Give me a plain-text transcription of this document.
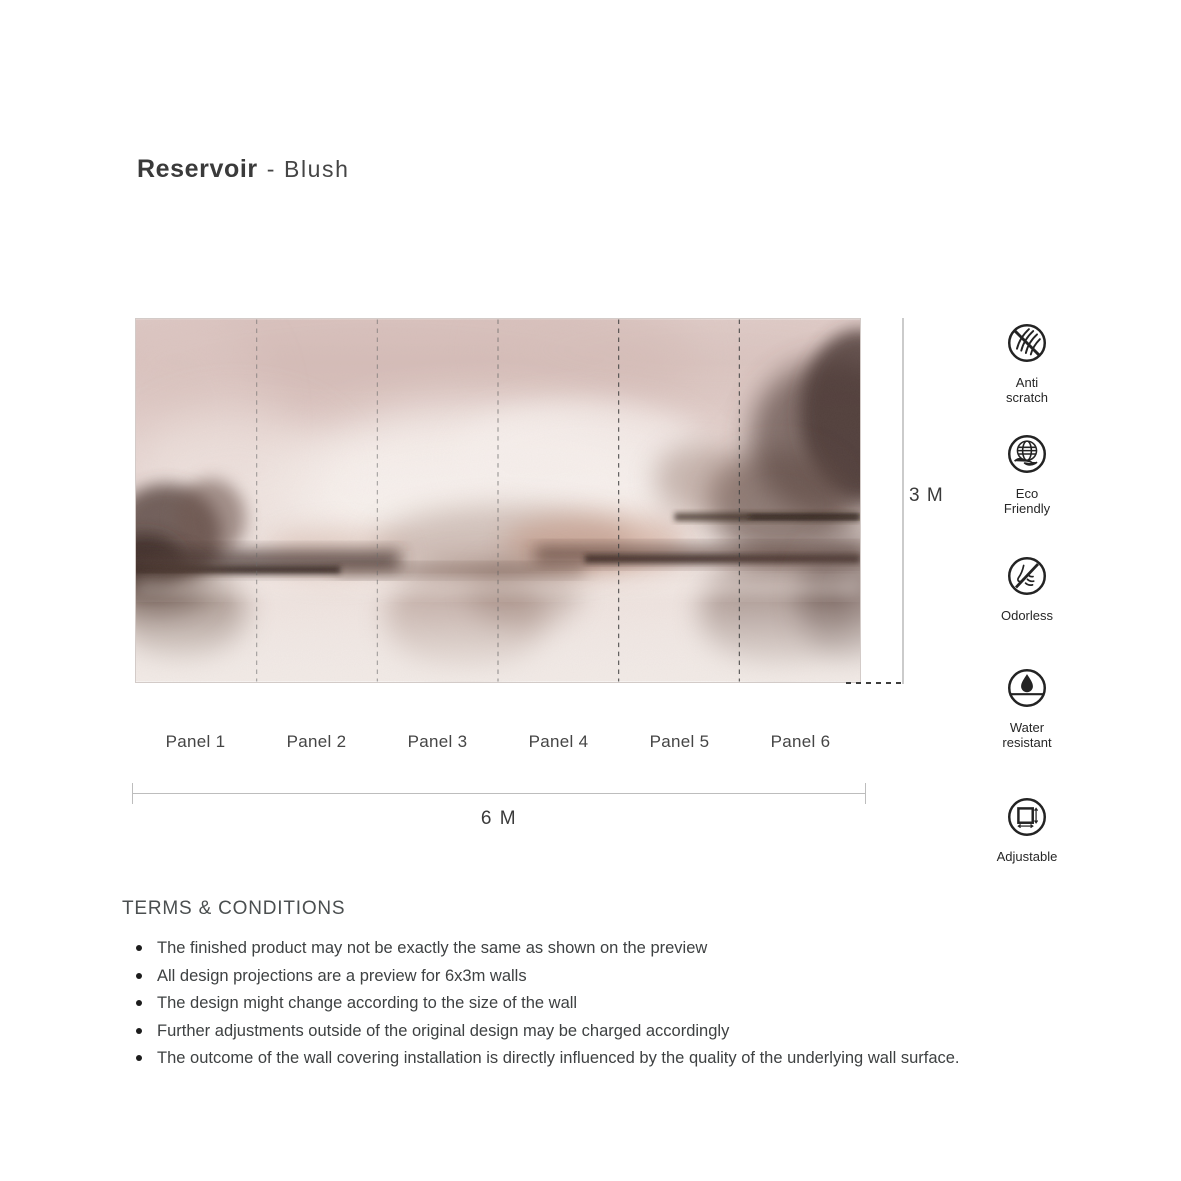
Reservoir - Blush
3 M
Panel 1	Panel 2	Panel 3	Panel 4	Panel 5	Panel 6
6 M
Anti
scratch
Eco
Friendly
Odorless
Water
resistant
Adjustable
TERMS & CONDITIONS
The finished product may not be exactly the same as shown on the preview
All design projections are a preview for 6x3m walls
The design might change according to the size of the wall
Further adjustments outside of the original design may be charged accordingly
The outcome of the wall covering installation is directly influenced by the quality of the underlying wall surface.
